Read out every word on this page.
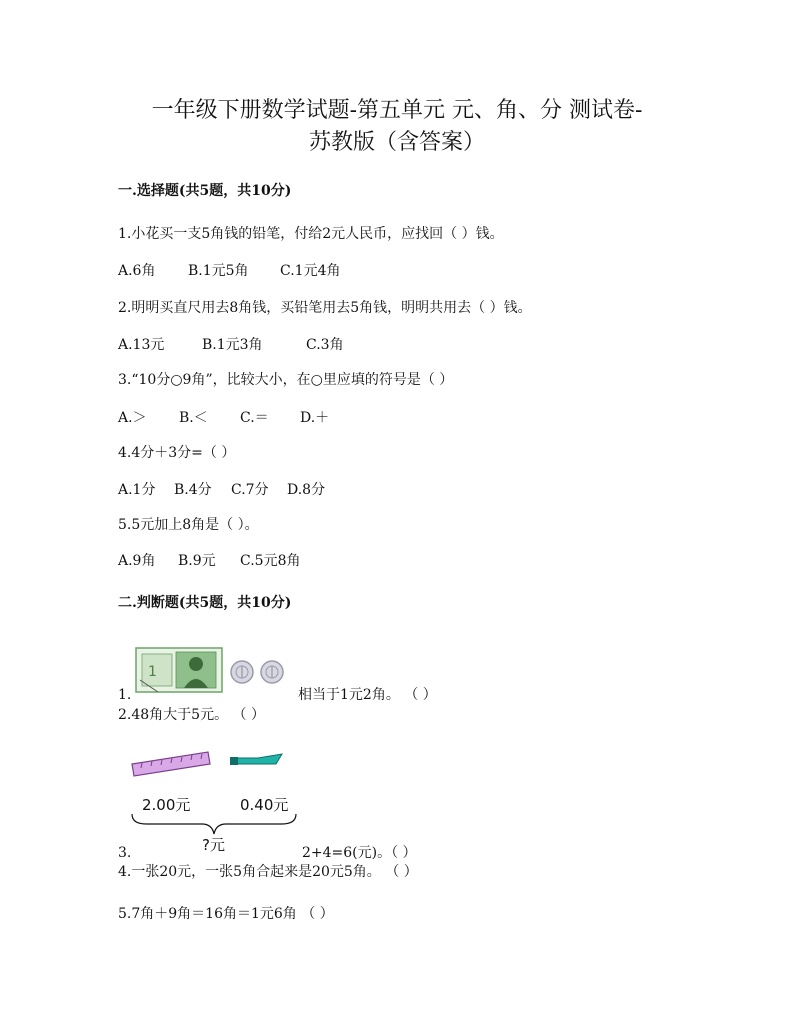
一年级下册数学试题-第五单元 元、角、分 测试卷-
苏教版（含答案）
一.选择题(共5题，共10分)
1.小花买一支5角钱的铅笔，付给2元人民币，应找回（ ）钱。
A.6角 B.1元5角 C.1元4角
2.明明买直尺用去8角钱，买铅笔用去5角钱，明明共用去（ ）钱。
A.13元	B.1元3角	C.3角
3.“10分○9角”，比较大小，在○里应填的符号是（ ）
A.＞ B.＜ C.＝ D.＋
4.4分＋3分=（ ）
A.1分 B.4分 C.7分 D.8分
5.5元加上8角是（ ）。
A.9角 B.9元 C.5元8角
二.判断题(共5题，共10分)
1
1.	相当于1元2角。 （ ）
2.48角大于5元。 （ ）
2.00元	0.40元
?元
3.	2+4=6(元)。（ ）
4.一张20元，一张5角合起来是20元5角。 （ ）
5.7角＋9角＝16角＝1元6角 （ ）
